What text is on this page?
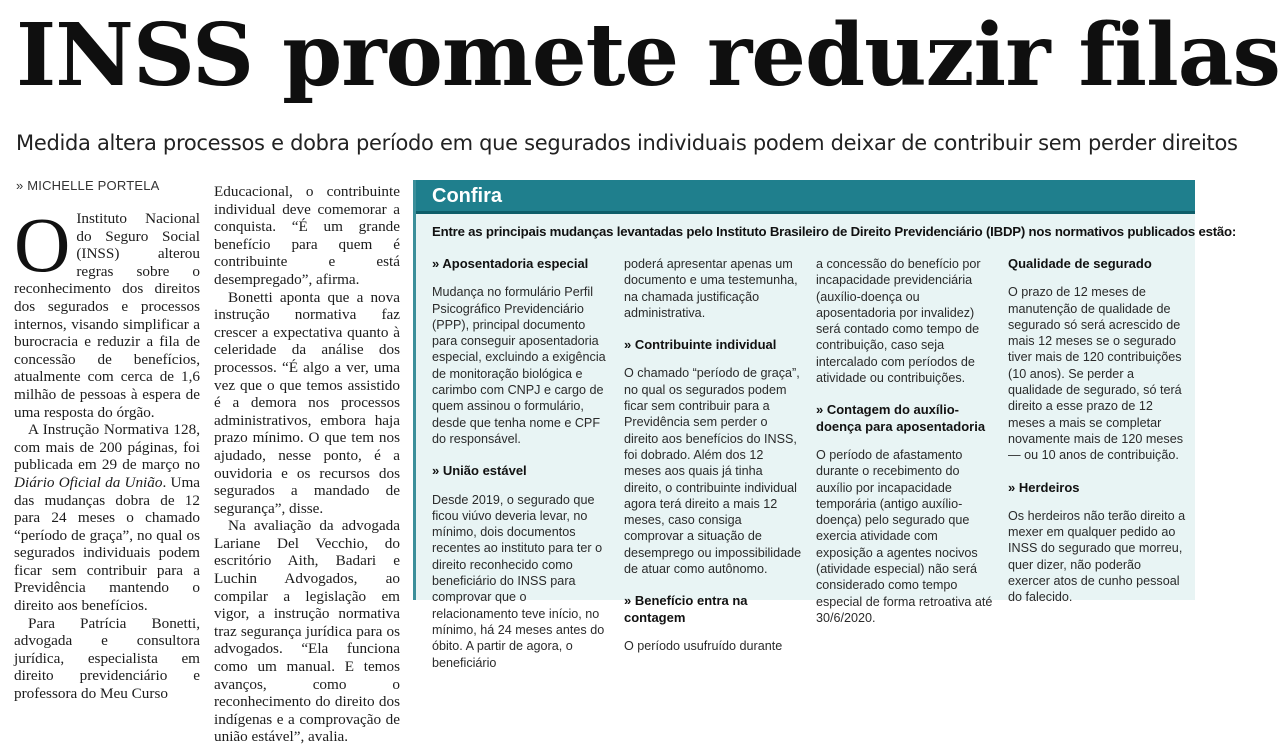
INSS promete reduzir filas
Medida altera processos e dobra período em que segurados individuais podem deixar de contribuir sem perder direitos
» MICHELLE PORTELA
O Instituto Nacional do Seguro Social (INSS) alterou regras sobre o reconhecimento dos direitos dos segurados e processos internos, visando simplificar a burocracia e reduzir a fila de concessão de benefícios, atualmente com cerca de 1,6 milhão de pessoas à espera de uma resposta do órgão.

A Instrução Normativa 128, com mais de 200 páginas, foi publicada em 29 de março no Diário Oficial da União. Uma das mudanças dobra de 12 para 24 meses o chamado “período de graça”, no qual os segurados individuais podem ficar sem contribuir para a Previdência mantendo o direito aos benefícios.

Para Patrícia Bonetti, advogada e consultora jurídica, especialista em direito previdenciário e professora do Meu Curso

Educacional, o contribuinte individual deve comemorar a conquista. “É um grande benefício para quem é contribuinte e está desempregado”, afirma.

Bonetti aponta que a nova instrução normativa faz crescer a expectativa quanto à celeridade da análise dos processos. “É algo a ver, uma vez que o que temos assistido é a demora nos processos administrativos, embora haja prazo mínimo. O que tem nos ajudado, nesse ponto, é a ouvidoria e os recursos dos segurados a mandado de segurança”, disse.

Na avaliação da advogada Lariane Del Vecchio, do escritório Aith, Badari e Luchin Advogados, ao compilar a legislação em vigor, a instrução normativa traz segurança jurídica para os advogados. “Ela funciona como um manual. E temos avanços, como o reconhecimento do direito dos indígenas e a comprovação de união estável”, avalia.

Confira
Entre as principais mudanças levantadas pelo Instituto Brasileiro de Direito Previdenciário (IBDP) nos normativos publicados estão:
» Aposentadoria especial

Mudança no formulário Perfil Psicográfico Previdenciário (PPP), principal documento para conseguir aposentadoria especial, excluindo a exigência de monitoração biológica e carimbo com CNPJ e cargo de quem assinou o formulário, desde que tenha nome e CPF do responsável.

» União estável

Desde 2019, o segurado que ficou viúvo deveria levar, no mínimo, dois documentos recentes ao instituto para ter o direito reconhecido como beneficiário do INSS para comprovar que o relacionamento teve início, no mínimo, há 24 meses antes do óbito. A partir de agora, o beneficiário

poderá apresentar apenas um documento e uma testemunha, na chamada justificação administrativa.

» Contribuinte individual

O chamado “período de graça”, no qual os segurados podem ficar sem contribuir para a Previdência sem perder o direito aos benefícios do INSS, foi dobrado. Além dos 12 meses aos quais já tinha direito, o contribuinte individual agora terá direito a mais 12 meses, caso consiga comprovar a situação de desemprego ou impossibilidade de atuar como autônomo.

» Benefício entra na contagem

O período usufruído durante

a concessão do benefício por incapacidade previdenciária (auxílio-doença ou aposentadoria por invalidez) será contado como tempo de contribuição, caso seja intercalado com períodos de atividade ou contribuições.

» Contagem do auxílio-doença para aposentadoria

O período de afastamento durante o recebimento do auxílio por incapacidade temporária (antigo auxílio-doença) pelo segurado que exercia atividade com exposição a agentes nocivos (atividade especial) não será considerado como tempo especial de forma retroativa até 30/6/2020.

Qualidade de segurado

O prazo de 12 meses de manutenção de qualidade de segurado só será acrescido de mais 12 meses se o segurado tiver mais de 120 contribuições (10 anos). Se perder a qualidade de segurado, só terá direito a esse prazo de 12 meses a mais se completar novamente mais de 120 meses — ou 10 anos de contribuição.

» Herdeiros

Os herdeiros não terão direito a mexer em qualquer pedido ao INSS do segurado que morreu, quer dizer, não poderão exercer atos de cunho pessoal do falecido.
